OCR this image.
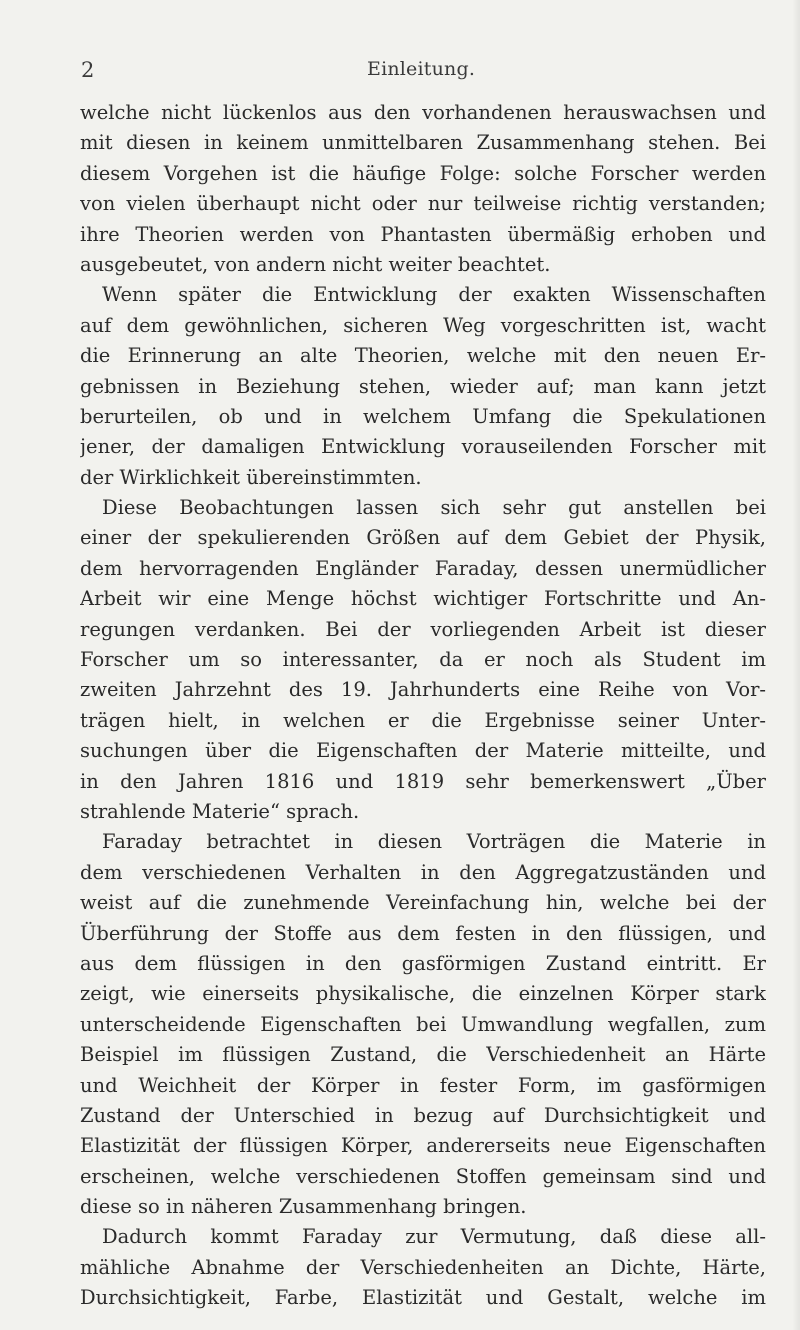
2	Einleitung.
welche nicht lückenlos aus den vorhandenen herauswachsen und
mit diesen in keinem unmittelbaren Zusammenhang stehen. Bei
diesem Vorgehen ist die häufige Folge: solche Forscher werden
von vielen überhaupt nicht oder nur teilweise richtig verstanden;
ihre Theorien werden von Phantasten übermäßig erhoben und
ausgebeutet, von andern nicht weiter beachtet.
Wenn später die Entwicklung der exakten Wissenschaften
auf dem gewöhnlichen, sicheren Weg vorgeschritten ist, wacht
die Erinnerung an alte Theorien, welche mit den neuen Er-
gebnissen in Beziehung stehen, wieder auf; man kann jetzt
berurteilen, ob und in welchem Umfang die Spekulationen
jener, der damaligen Entwicklung vorauseilenden Forscher mit
der Wirklichkeit übereinstimmten.
Diese Beobachtungen lassen sich sehr gut anstellen bei
einer der spekulierenden Größen auf dem Gebiet der Physik,
dem hervorragenden Engländer Faraday, dessen unermüdlicher
Arbeit wir eine Menge höchst wichtiger Fortschritte und An-
regungen verdanken. Bei der vorliegenden Arbeit ist dieser
Forscher um so interessanter, da er noch als Student im
zweiten Jahrzehnt des 19. Jahrhunderts eine Reihe von Vor-
trägen hielt, in welchen er die Ergebnisse seiner Unter-
suchungen über die Eigenschaften der Materie mitteilte, und
in den Jahren 1816 und 1819 sehr bemerkenswert „Über
strahlende Materie“ sprach.
Faraday betrachtet in diesen Vorträgen die Materie in
dem verschiedenen Verhalten in den Aggregatzuständen und
weist auf die zunehmende Vereinfachung hin, welche bei der
Überführung der Stoffe aus dem festen in den flüssigen, und
aus dem flüssigen in den gasförmigen Zustand eintritt. Er
zeigt, wie einerseits physikalische, die einzelnen Körper stark
unterscheidende Eigenschaften bei Umwandlung wegfallen, zum
Beispiel im flüssigen Zustand, die Verschiedenheit an Härte
und Weichheit der Körper in fester Form, im gasförmigen
Zustand der Unterschied in bezug auf Durchsichtigkeit und
Elastizität der flüssigen Körper, andererseits neue Eigenschaften
erscheinen, welche verschiedenen Stoffen gemeinsam sind und
diese so in näheren Zusammenhang bringen.
Dadurch kommt Faraday zur Vermutung, daß diese all-
mähliche Abnahme der Verschiedenheiten an Dichte, Härte,
Durchsichtigkeit, Farbe, Elastizität und Gestalt, welche im
